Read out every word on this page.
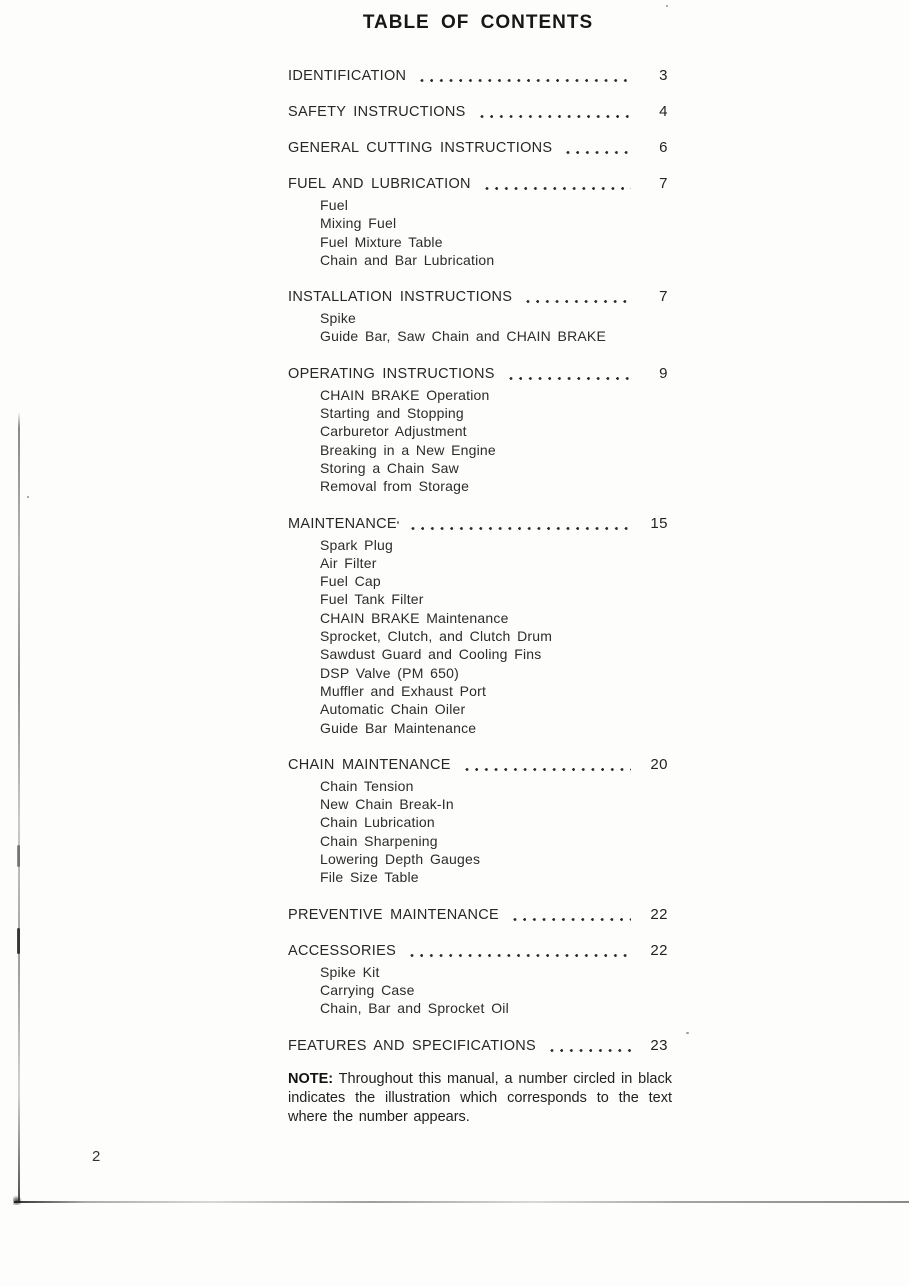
TABLE OF CONTENTS
IDENTIFICATION	3
SAFETY INSTRUCTIONS	4
GENERAL CUTTING INSTRUCTIONS	6
FUEL AND LUBRICATION	7
Fuel
Mixing Fuel
Fuel Mixture Table
Chain and Bar Lubrication
INSTALLATION INSTRUCTIONS	7
Spike
Guide Bar, Saw Chain and CHAIN BRAKE
OPERATING INSTRUCTIONS	9
CHAIN BRAKE Operation
Starting and Stopping
Carburetor Adjustment
Breaking in a New Engine
Storing a Chain Saw
Removal from Storage
MAINTENANCE	15
Spark Plug
Air Filter
Fuel Cap
Fuel Tank Filter
CHAIN BRAKE Maintenance
Sprocket, Clutch, and Clutch Drum
Sawdust Guard and Cooling Fins
DSP Valve (PM 650)
Muffler and Exhaust Port
Automatic Chain Oiler
Guide Bar Maintenance
CHAIN MAINTENANCE	20
Chain Tension
New Chain Break-In
Chain Lubrication
Chain Sharpening
Lowering Depth Gauges
File Size Table
PREVENTIVE MAINTENANCE	22
ACCESSORIES	22
Spike Kit
Carrying Case
Chain, Bar and Sprocket Oil
FEATURES AND SPECIFICATIONS	23

NOTE: Throughout this manual, a number circled in black indicates the illustration which corresponds to the text where the number appears.

2
